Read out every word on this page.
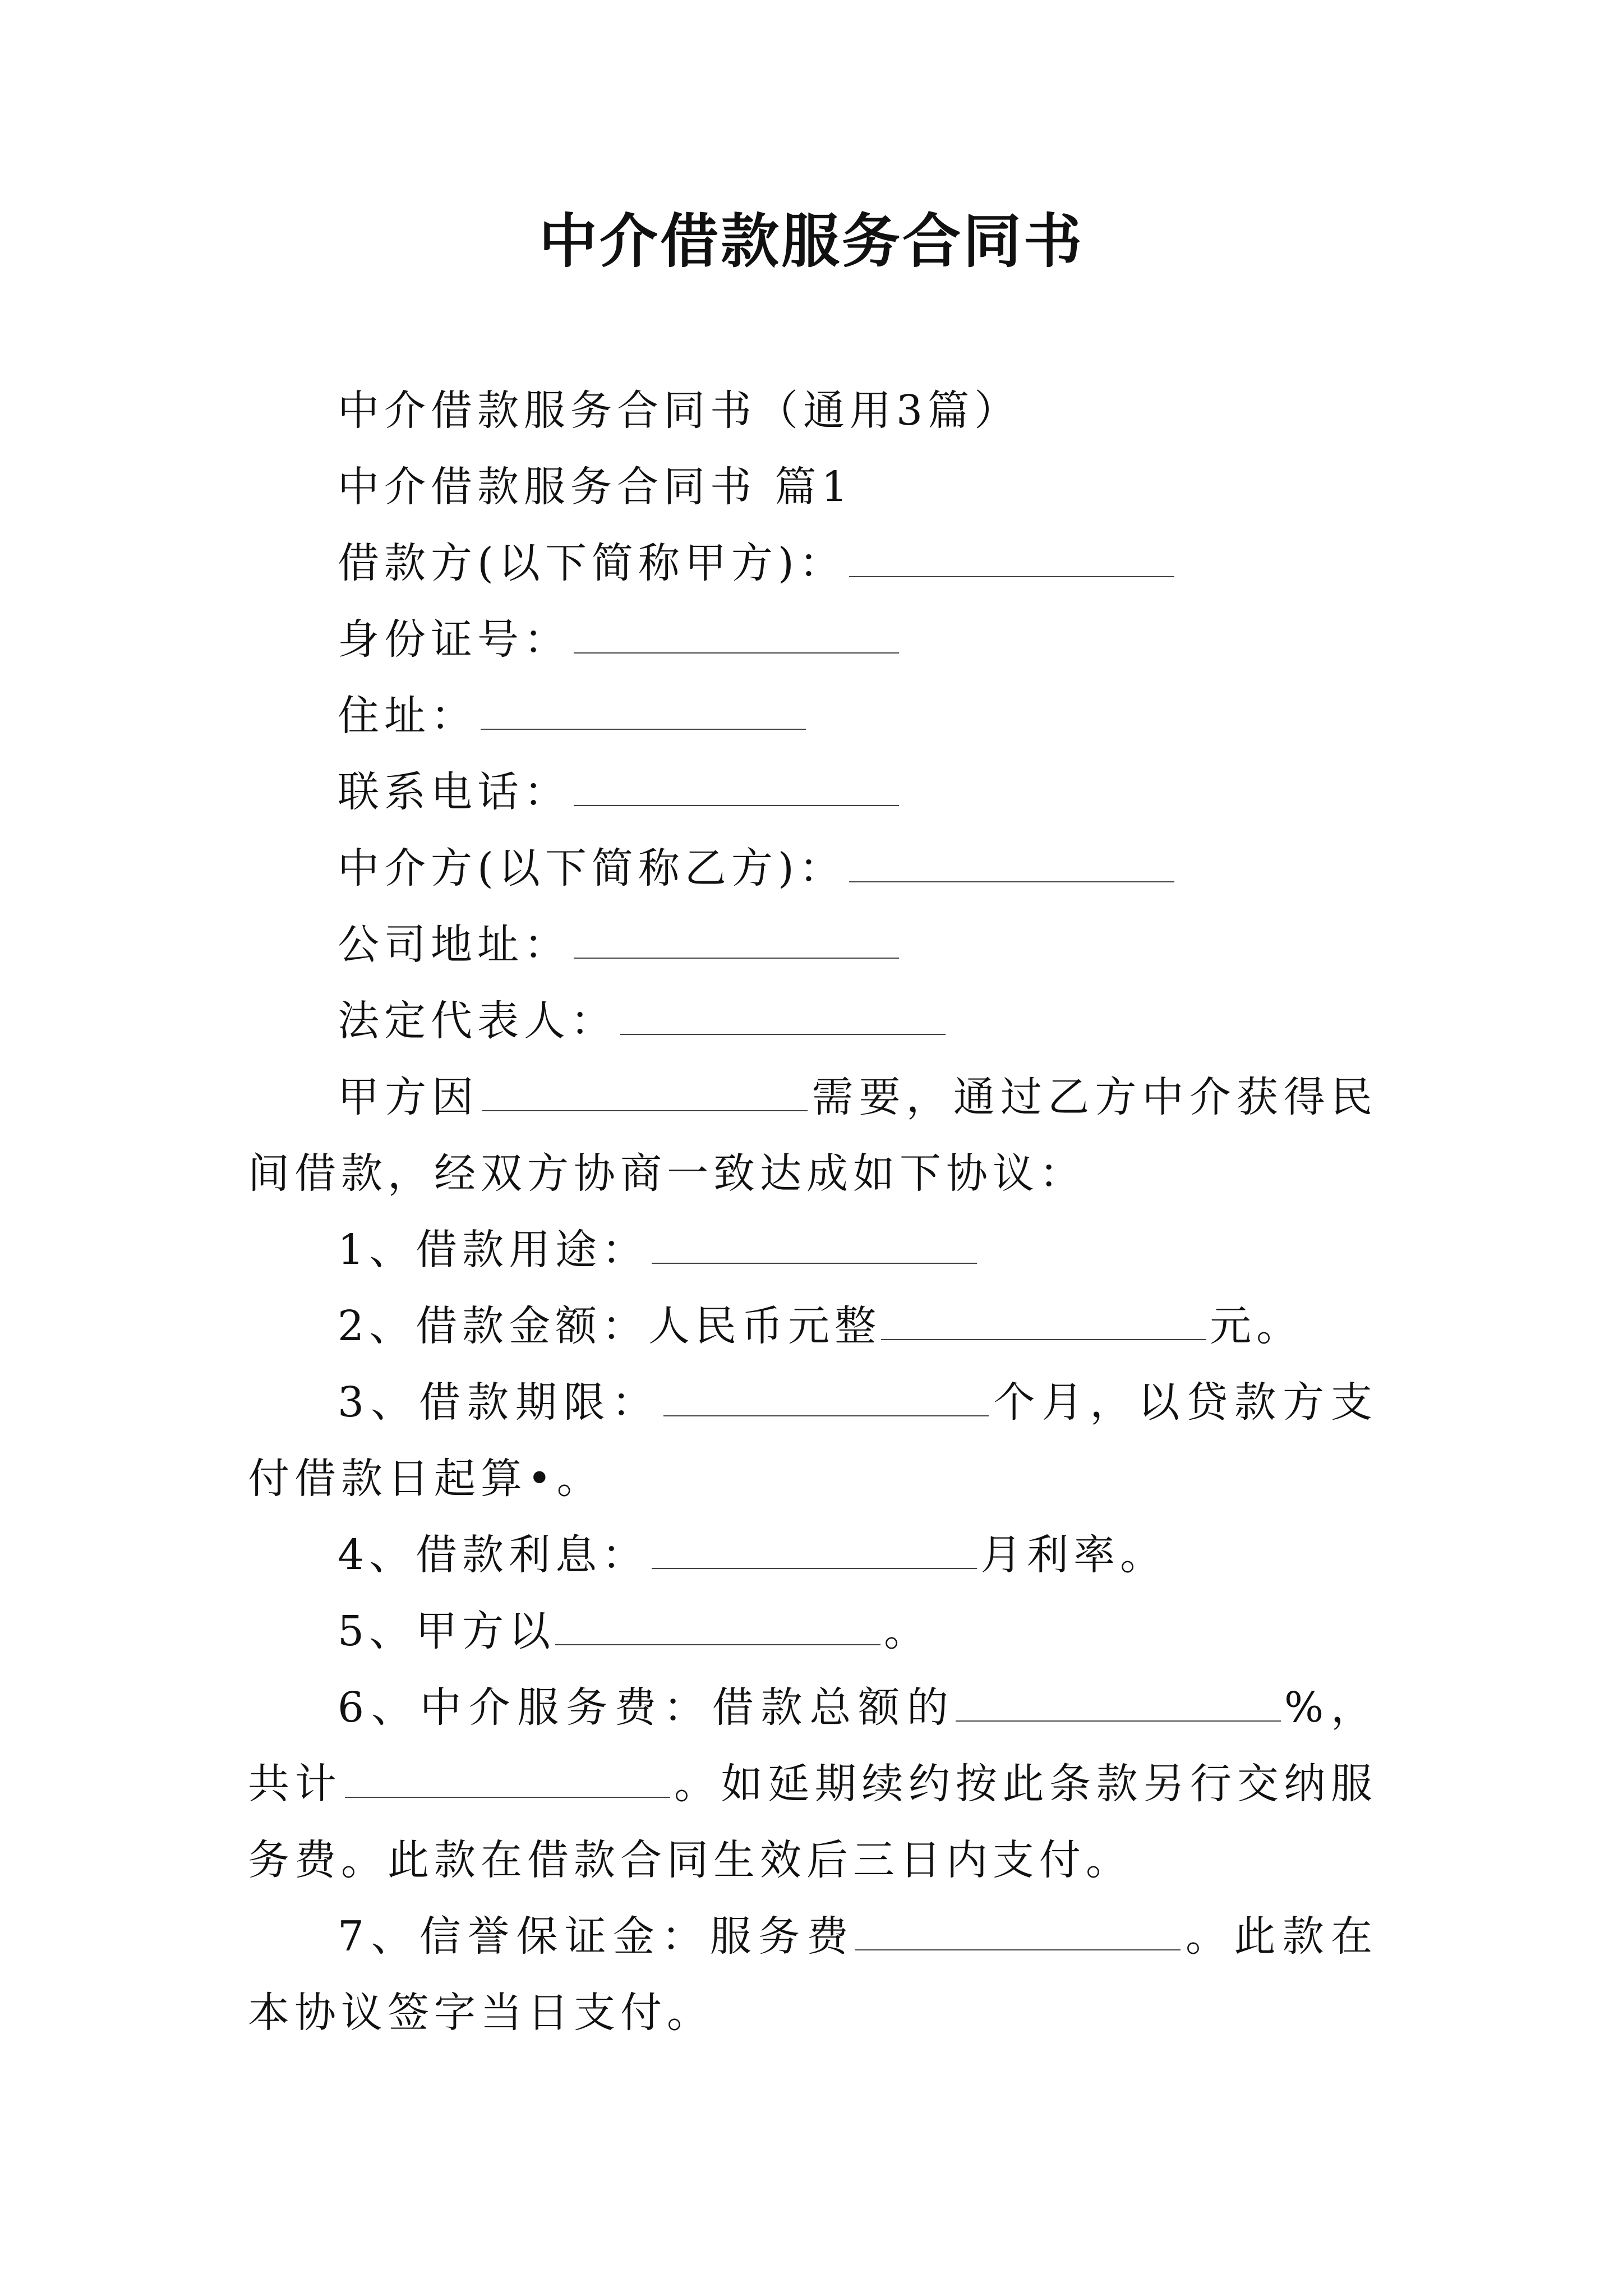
中介借款服务合同书

中介借款服务合同书（通用3篇）

中介借款服务合同书 篇1

借款方(以下简称甲方)：

身份证号：

住址：

联系电话：

中介方(以下简称乙方)：

公司地址：

法定代表人：

甲方因	需要，通过乙方中介获得民间借款，经双方协商一致达成如下协议：

1、借款用途：

2、借款金额：人民币元整	元。

3、借款期限：	个月，以贷款方支付借款日起算•。

4、借款利息：	月利率。

5、甲方以	。

6、中介服务费：借款总额的	%，共计	。如延期续约按此条款另行交纳服务费。此款在借款合同生效后三日内支付。

7、信誉保证金：服务费	。此款在本协议签字当日支付。
